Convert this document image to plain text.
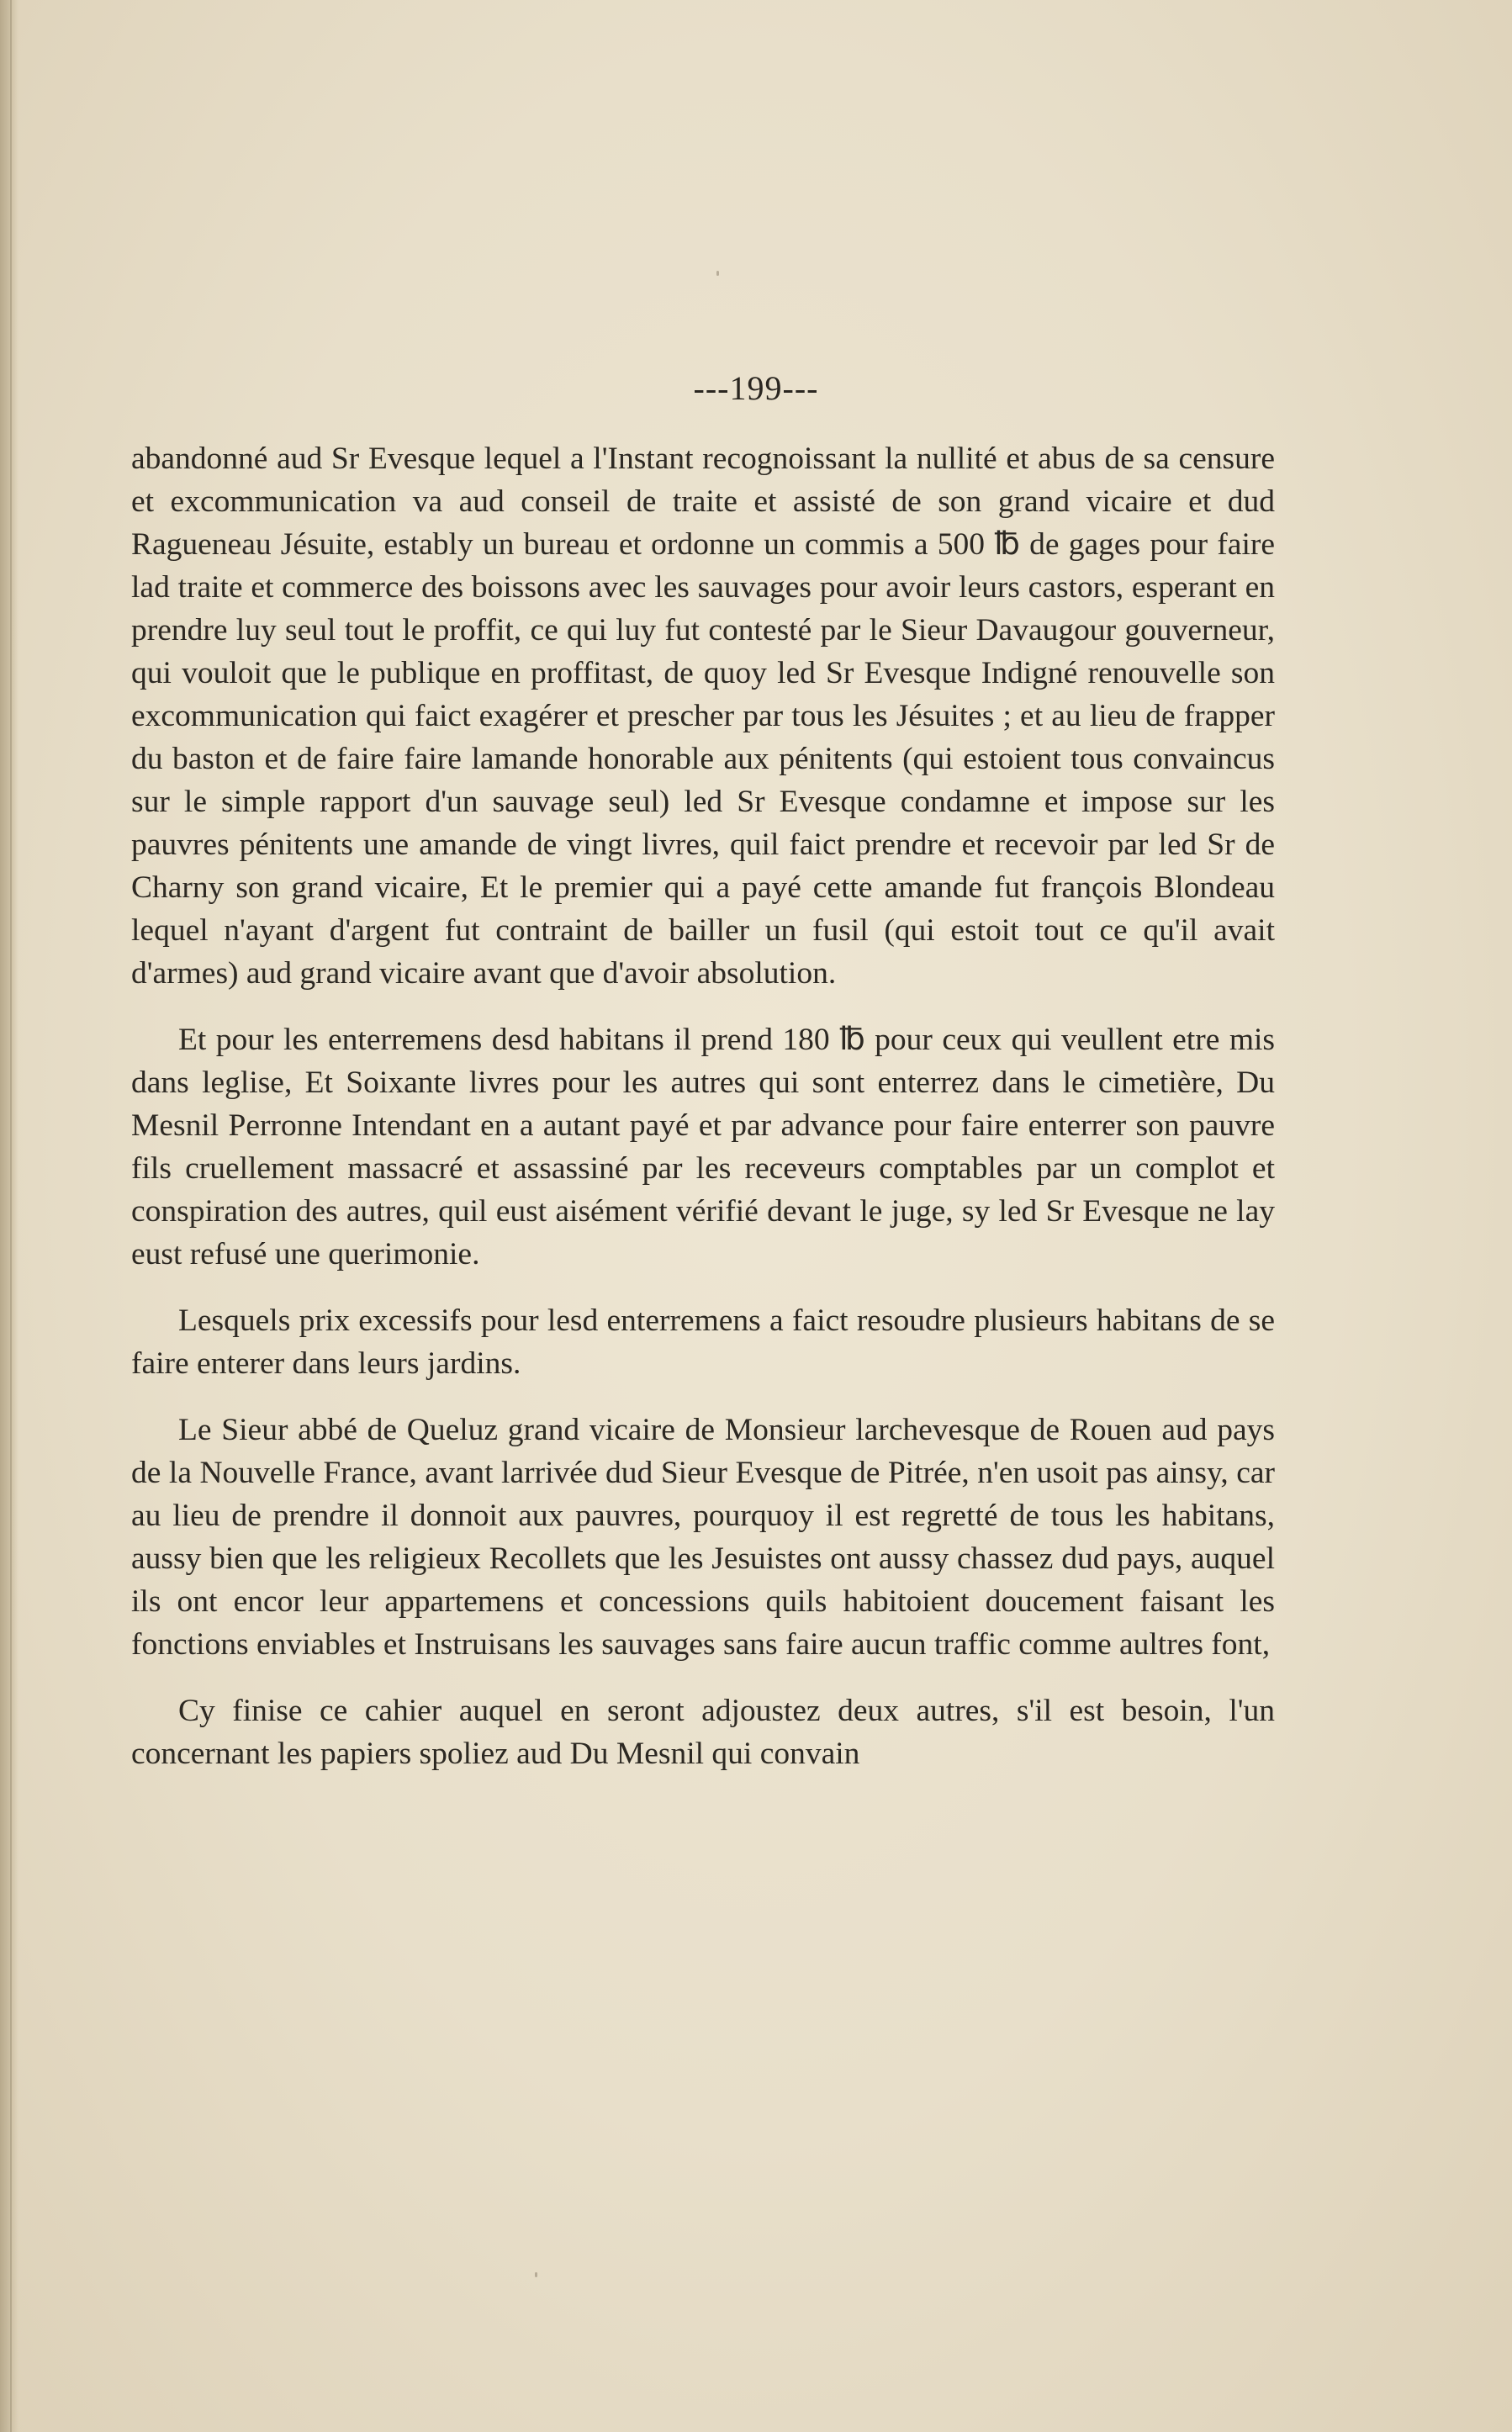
---199---

abandonné aud Sr Evesque lequel a l'Instant recognoissant la nullité et abus de sa censure et excommunication va aud conseil de traite et assisté de son grand vicaire et dud Ragueneau Jésuite, estably un bureau et ordonne un commis a 500 ℔ de gages pour faire lad traite et commerce des boissons avec les sauvages pour avoir leurs castors, esperant en prendre luy seul tout le proffit, ce qui luy fut contesté par le Sieur Davaugour gouverneur, qui vouloit que le publique en proffitast, de quoy led Sr Evesque Indigné renouvelle son excommunication qui faict exagérer et prescher par tous les Jésuites ; et au lieu de frapper du baston et de faire faire lamande honorable aux pénitents (qui estoient tous convaincus sur le simple rapport d'un sauvage seul) led Sr Evesque condamne et impose sur les pauvres pénitents une amande de vingt livres, quil faict prendre et recevoir par led Sr de Charny son grand vicaire, Et le premier qui a payé cette amande fut françois Blondeau lequel n'ayant d'argent fut contraint de bailler un fusil (qui estoit tout ce qu'il avait d'armes) aud grand vicaire avant que d'avoir absolution.

Et pour les enterremens desd habitans il prend 180 ℔ pour ceux qui veullent etre mis dans leglise, Et Soixante livres pour les autres qui sont enterrez dans le cimetière, Du Mesnil Perronne Intendant en a autant payé et par advance pour faire enterrer son pauvre fils cruellement massacré et assassiné par les receveurs comptables par un complot et conspiration des autres, quil eust aisément vérifié devant le juge, sy led Sr Evesque ne lay eust refusé une querimonie.

Lesquels prix excessifs pour lesd enterremens a faict resoudre plusieurs habitans de se faire enterer dans leurs jardins.

Le Sieur abbé de Queluz grand vicaire de Monsieur larchevesque de Rouen aud pays de la Nouvelle France, avant larrivée dud Sieur Evesque de Pitrée, n'en usoit pas ainsy, car au lieu de prendre il donnoit aux pauvres, pourquoy il est regretté de tous les habitans, aussy bien que les religieux Recollets que les Jesuistes ont aussy chassez dud pays, auquel ils ont encor leur appartemens et concessions quils habitoient doucement faisant les fonctions enviables et Instruisans les sauvages sans faire aucun traffic comme aultres font,

Cy finise ce cahier auquel en seront adjoustez deux autres, s'il est besoin, l'un concernant les papiers spoliez aud Du Mesnil qui convain
